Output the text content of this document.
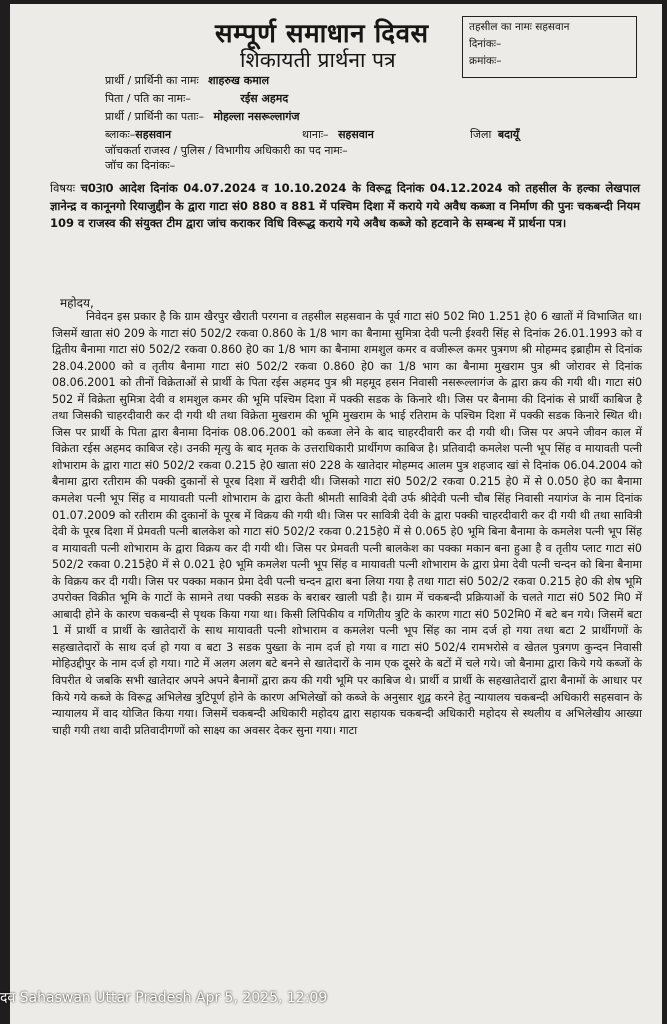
सम्पूर्ण समाधान दिवस
शिकायती प्रार्थना पत्र
तहसील का नामः सहसवान
दिनांकः–
क्रमांकः–
प्रार्थी / प्रार्थिनी का नामः शाहरुख कमाल
पिता / पति का नामः–	रईस अहमद
प्रार्थी / प्रार्थिनी का पताः– मोहल्ला नसरूल्लागंज
ब्लाकः–सहसवान	थानाः– सहसवान	जिला बदायूँ
जॉचकर्ता राजस्व / पुलिस / विभागीय अधिकारी का पद नामः–
जॉच का दिनांकः–
विषयः च03ा0 आदेश दिनांक 04.07.2024 व 10.10.2024 के विरूद्व दिनांक 04.12.2024 को तहसील के हल्का लेखपाल ज्ञानेन्द्र व कानूनगो रियाजुद्दीन के द्वारा गाटा सं0 880 व 881 में पश्चिम दिशा में कराये गये अवैध कब्जा व निर्माण की पुनः चकबन्दी नियम 109 व राजस्व की संयुक्त टीम द्वारा जांच कराकर विधि विरूद्ध कराये गये अवैध कब्जे को हटवाने के सम्बन्ध में प्रार्थना पत्र।
महोदय,
निवेदन इस प्रकार है कि ग्राम खैरपुर खैराती परगना व तहसील सहसवान के पूर्व गाटा सं0 502 मि0 1.251 हे0 6 खातों में विभाजित था। जिसमें खाता सं0 209 के गाटा सं0 502/2 रकवा 0.860 के 1/8 भाग का बैनामा सुमित्रा देवी पत्नी ईश्वरी सिंह से दिनांक 26.01.1993 को व द्वितीय बैनामा गाटा सं0 502/2 रकवा 0.860 हे0 का 1/8 भाग का बैनामा शमशुल कमर व वजीरूल कमर पुत्रगण श्री मोहम्मद इब्राहीम से दिनांक 28.04.2000 को व तृतीय बैनामा गाटा सं0 502/2 रकवा 0.860 हे0 का 1/8 भाग का बैनामा मुखराम पुत्र श्री जोरावर से दिनांक 08.06.2001 को तीनों विक्रेताओं से प्रार्थी के पिता रईस अहमद पुत्र श्री महमूद हसन निवासी नसरूल्लागंज के द्वारा क्रय की गयी थी। गाटा सं0 502 में विक्रेता सुमित्रा देवी व शमशुल कमर की भूमि पश्चिम दिशा में पक्की सडक के किनारे थी। जिस पर बैनामा की दिनांक से प्रार्थी काबिज है तथा जिसकी चाहरदीवारी कर दी गयी थी तथा विक्रेता मुखराम की भूमि मुखराम के भाई रतिराम के पश्चिम दिशा में पक्की सडक किनारे स्थित थी। जिस पर प्रार्थी के पिता द्वारा बैनामा दिनांक 08.06.2001 को कब्जा लेने के बाद चाहरदीवारी कर दी गयी थी। जिस पर अपने जीवन काल में विक्रेता रईस अहमद काबिज रहे। उनकी मृत्यु के बाद मृतक के उत्तराधिकारी प्रार्थीगण काबिज है। प्रतिवादी कमलेश पत्नी भूप सिंह व मायावती पत्नी शोभाराम के द्वारा गाटा सं0 502/2 रकवा 0.215 हे0 खाता सं0 228 के खातेदार मोहम्मद आलम पुत्र शहजाद खां से दिनांक 06.04.2004 को बैनामा द्वारा रतीराम की पक्की दुकानों से पूरब दिशा में खरीदी थी। जिसको गाटा सं0 502/2 रकवा 0.215 हे0 में से 0.050 हे0 का बैनामा कमलेश पत्नी भूप सिंह व मायावती पत्नी शोभाराम के द्वारा केती श्रीमती सावित्री देवी उर्फ श्रीदेवी पत्नी चौब सिंह निवासी नयागंज के नाम दिनांक 01.07.2009 को रतीराम की दुकानों के पूरब में विक्रय की गयी थी। जिस पर सावित्री देवी के द्वारा पक्की चाहरदीवारी कर दी गयी थी तथा सावित्री देवी के पूरब दिशा में प्रेमवती पत्नी बालकेश को गाटा सं0 502/2 रकवा 0.215हे0 में से 0.065 हे0 भूमि बिना बैनामा के कमलेश पत्नी भूप सिंह व मायावती पत्नी शोभाराम के द्वारा विक्रय कर दी गयी थी। जिस पर प्रेमवती पत्नी बालकेश का पक्का मकान बना हुआ है व तृतीय प्लाट गाटा सं0 502/2 रकवा 0.215हे0 में से 0.021 हे0 भूमि कमलेश पत्नी भूप सिंह व मायावती पत्नी शोभाराम के द्वारा प्रेमा देवी पत्नी चन्दन को बिना बैनामा के विक्रय कर दी गयी। जिस पर पक्का मकान प्रेमा देवी पत्नी चन्दन द्वारा बना लिया गया है तथा गाटा सं0 502/2 रकवा 0.215 हे0 की शेष भूमि उपरोक्त विक्रीत भूमि के गाटों के सामने तथा पक्की सडक के बराबर खाली पडी है। ग्राम में चकबन्दी प्रक्रियाओं के चलते गाटा सं0 502 मि0 में आबादी होने के कारण चकबन्दी से पृथक किया गया था। किसी लिपिकीय व गणितीय त्रुटि के कारण गाटा सं0 502मि0 में बटे बन गये। जिसमें बटा 1 में प्रार्थी व प्रार्थी के खातेदारों के साथ मायावती पत्नी शोभाराम व कमलेश पत्नी भूप सिंह का नाम दर्ज हो गया तथा बटा 2 प्रार्थीगणों के सहखातेदारों के साथ दर्ज हो गया व बटा 3 सडक पुख्ता के नाम दर्ज हो गया व गाटा सं0 502/4 रामभरोसे व खेतल पुत्रगण कुन्दन निवासी मोहिउद्दीपुर के नाम दर्ज हो गया। गाटे में अलग अलग बटे बनने से खातेदारों के नाम एक दूसरे के बटों में चले गये। जो बैनामा द्वारा किये गये कब्जों के विपरीत थे जबकि सभी खातेदार अपने अपने बैनामों द्वारा क्रय की गयी भूमि पर काबिज थे। प्रार्थी व प्रार्थी के सहखातेदारों द्वारा बैनामों के आधार पर किये गये कब्जे के विरूद्व अभिलेख त्रुटिपूर्ण होने के कारण अभिलेखों को कब्जे के अनुसार शुद्व करने हेतु न्यायालय चकबन्दी अधिकारी सहसवान के न्यायालय में वाद योजित किया गया। जिसमें चकबन्दी अधिकारी महोदय द्वारा सहायक चकबन्दी अधिकारी महोदय से स्थलीय व अभिलेखीय आख्या चाही गयी तथा वादी प्रतिवादीगणों को साक्ष्य का अवसर देकर सुना गया। गाटा
दव Sahaswan Uttar Pradesh Apr 5, 2025, 12:09
